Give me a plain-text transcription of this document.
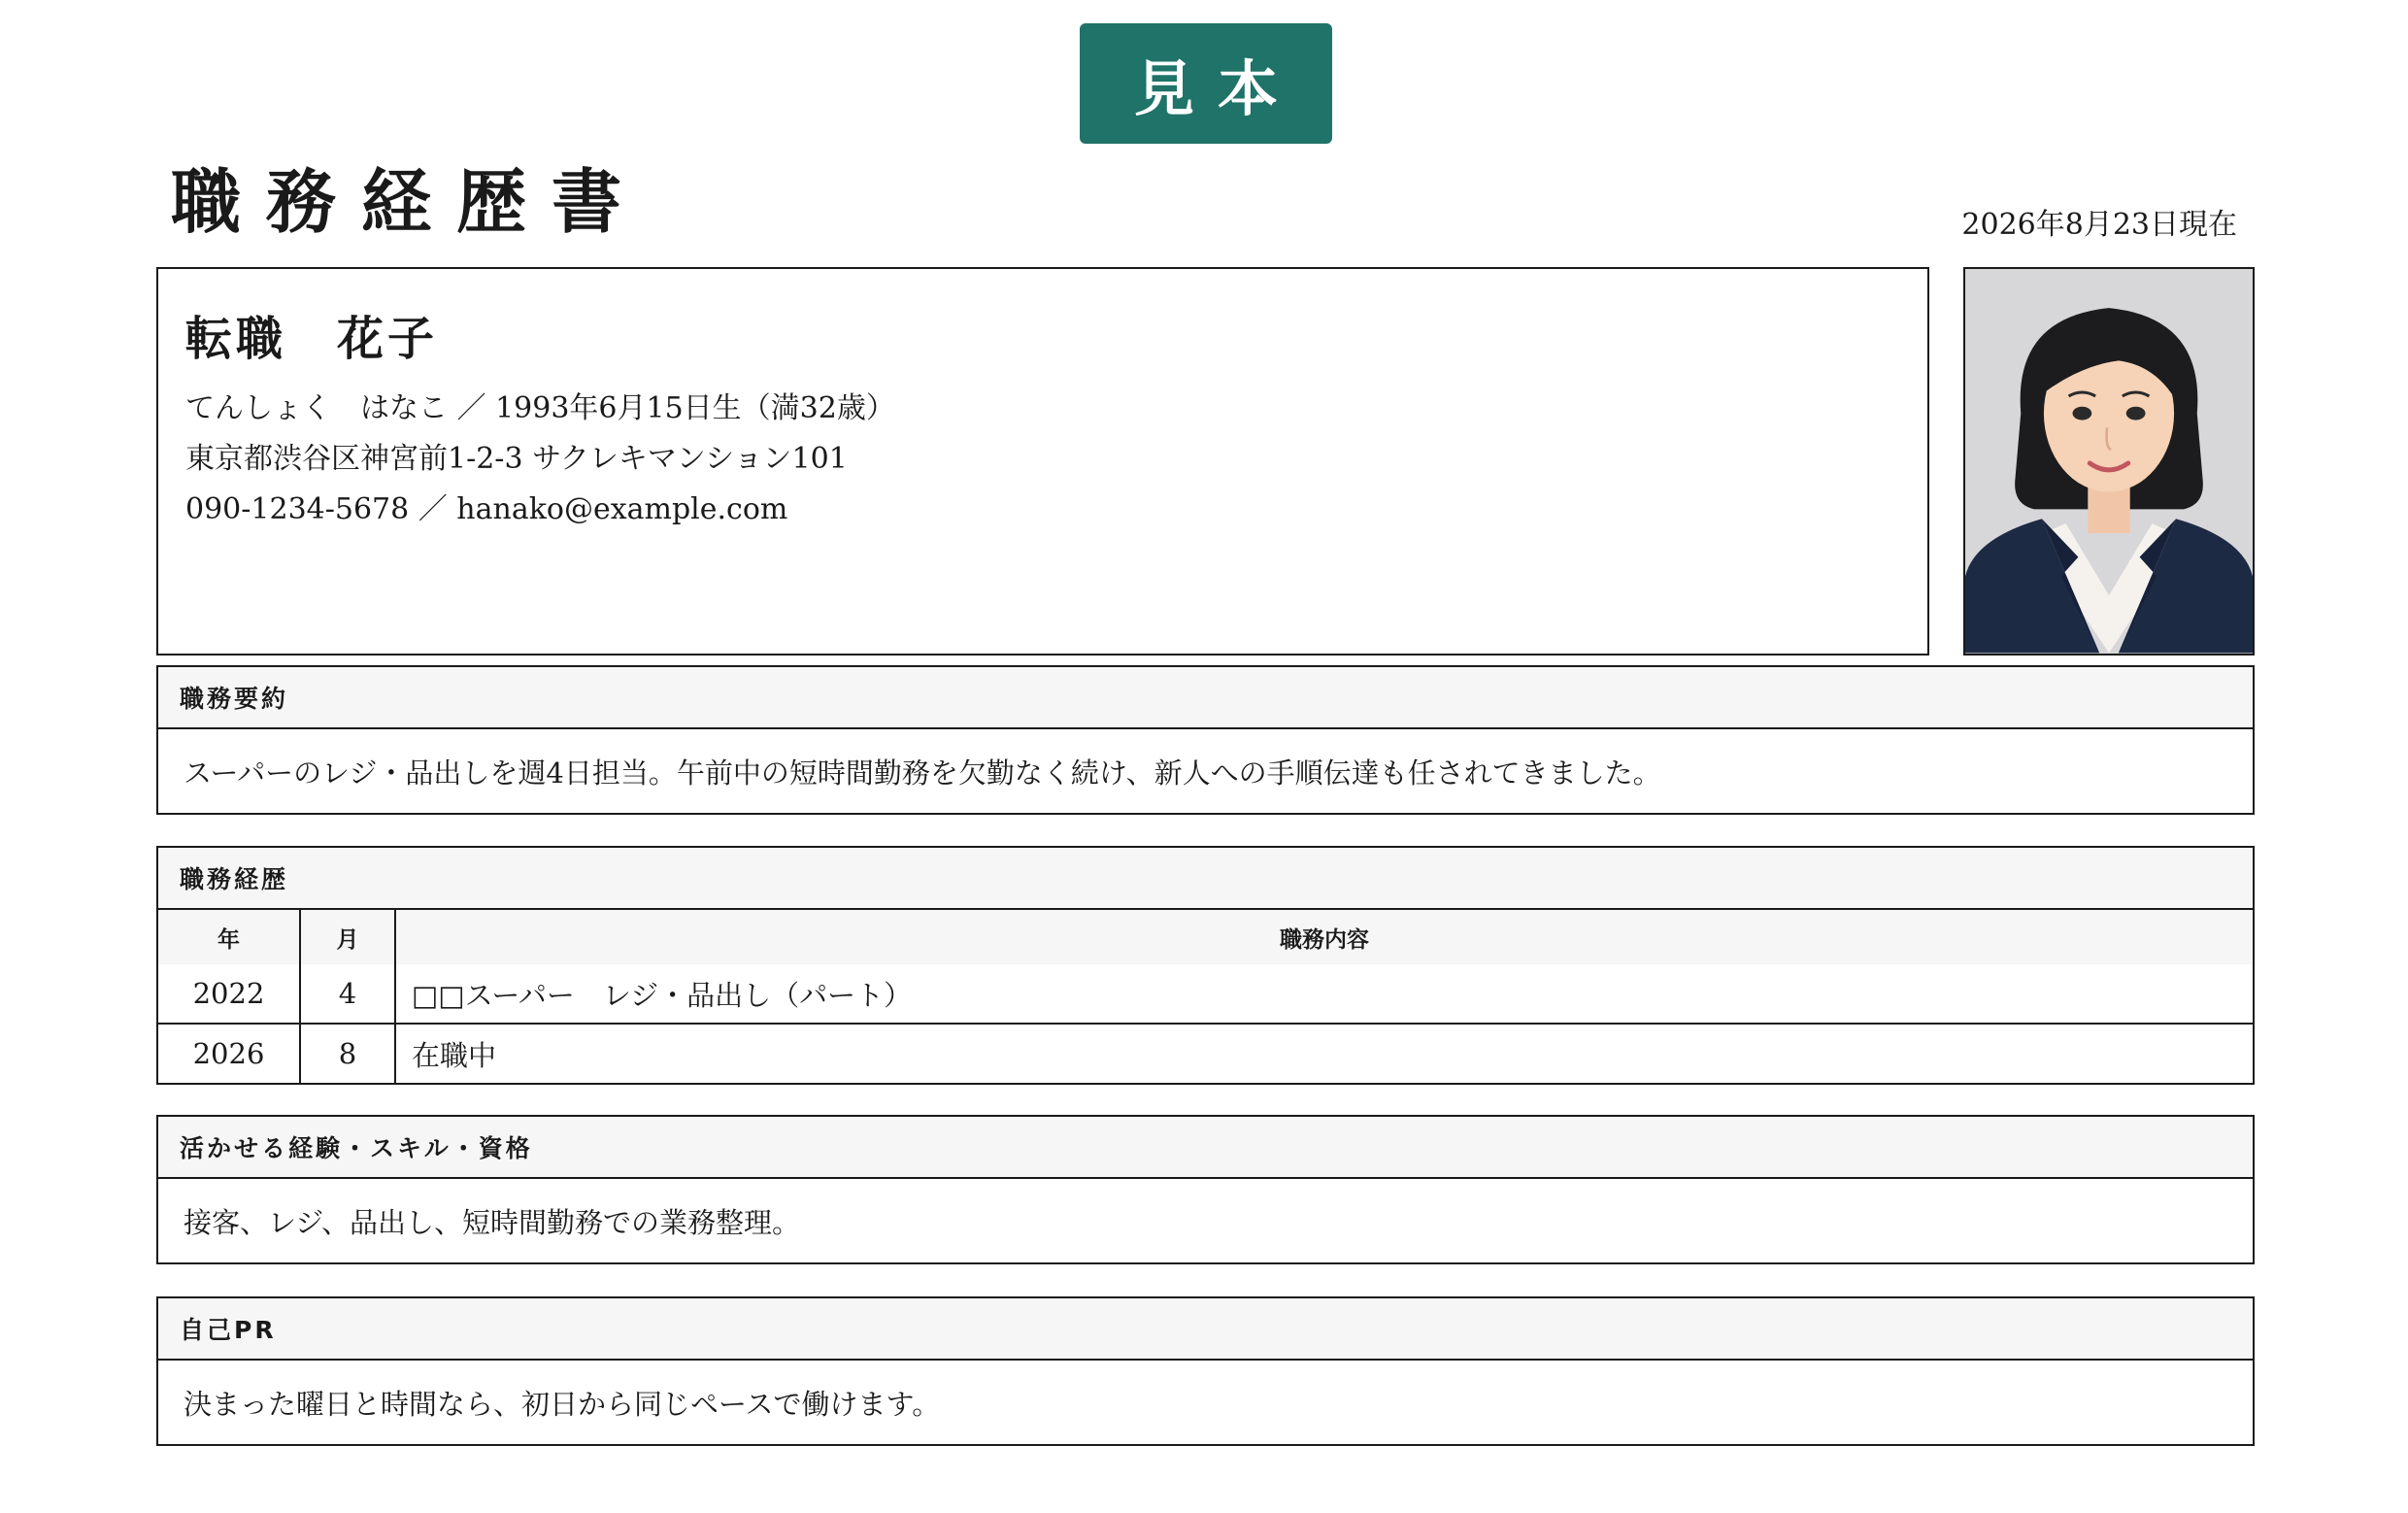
見本
職務経歴書	2026年8月23日現在
転職　花子
てんしょく　はなこ ／ 1993年6月15日生（満32歳）
東京都渋谷区神宮前1-2-3 サクレキマンション101
090-1234-5678 ／ hanako@example.com
職務要約
スーパーのレジ・品出しを週4日担当。午前中の短時間勤務を欠勤なく続け、新人への手順伝達も任されてきました。
職務経歴
年	月	職務内容
2022	4	□□スーパー　レジ・品出し（パート）
2026	8	在職中
活かせる経験・スキル・資格
接客、レジ、品出し、短時間勤務での業務整理。
自己PR
決まった曜日と時間なら、初日から同じペースで働けます。
